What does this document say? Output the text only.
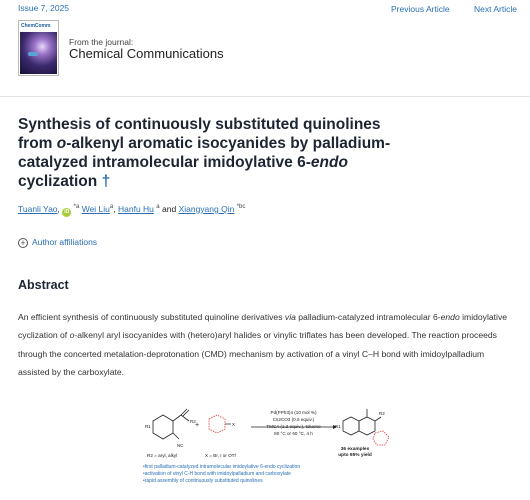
Issue 7, 2025	Previous Article	Next Article
ChemComm
From the journal:
Chemical Communications
Synthesis of continuously substituted quinolines from o-alkenyl aromatic isocyanides by palladium-catalyzed intramolecular imidoylative 6-endo cyclization †
Tuanli Yao, iD $^{*a}$ Wei Liu$^a$, Hanfu Hu $^a$ and Xiangyang Qin $^{*bc}$
+ Author affiliations
Abstract

An efficient synthesis of continuously substituted quinoline derivatives via palladium-catalyzed intramolecular 6-endo imidoylative cyclization of o-alkenyl aryl isocyanides with (hetero)aryl halides or vinylic triflates has been developed. The reaction proceeds through the concerted metalation-deprotonation (CMD) mechanism by activation of a vinyl C–H bond with imidoylpalladium assisted by the carboxylate.

NC
R1
R2
X	R1
R2
+
Pd(PPh3)4 (10 mol %)
Cs2CO3 (0.6 equiv.)
TMCA (1.2 equiv.), toluene
80 °C or 60 °C, 4 h
R2 = aryl, alkyl	X = Br, I or OTf
36 examples
upto 95% yield
•first palladium-catalyzed intramolecular imidoylative 6-endo cyclization
•activation of vinyl C-H bond with imidoylpalladium and carboxylate
•rapid assembly of continuously substituted quinolines
